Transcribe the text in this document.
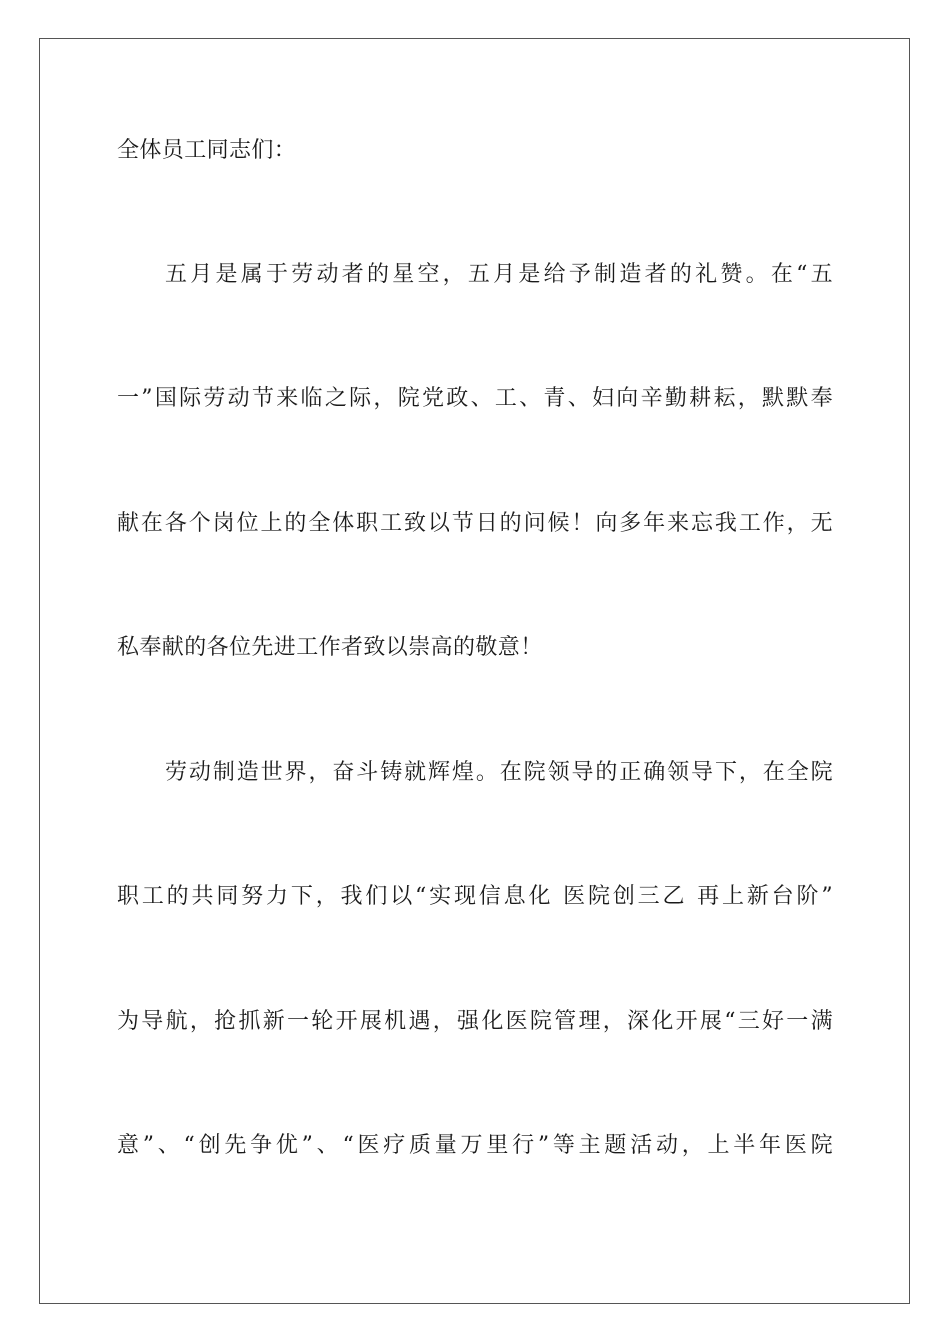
全体员工同志们：
五月是属于劳动者的星空，五月是给予制造者的礼赞。在“五
一”国际劳动节来临之际，院党政、工、青、妇向辛勤耕耘，默默奉
献在各个岗位上的全体职工致以节日的问候！向多年来忘我工作，无
私奉献的各位先进工作者致以崇高的敬意！
劳动制造世界，奋斗铸就辉煌。在院领导的正确领导下，在全院
职工的共同努力下，我们以“实现信息化 医院创三乙 再上新台阶”
为导航，抢抓新一轮开展机遇，强化医院管理，深化开展“三好一满
意”、“创先争优”、“医疗质量万里行”等主题活动，上半年医院
